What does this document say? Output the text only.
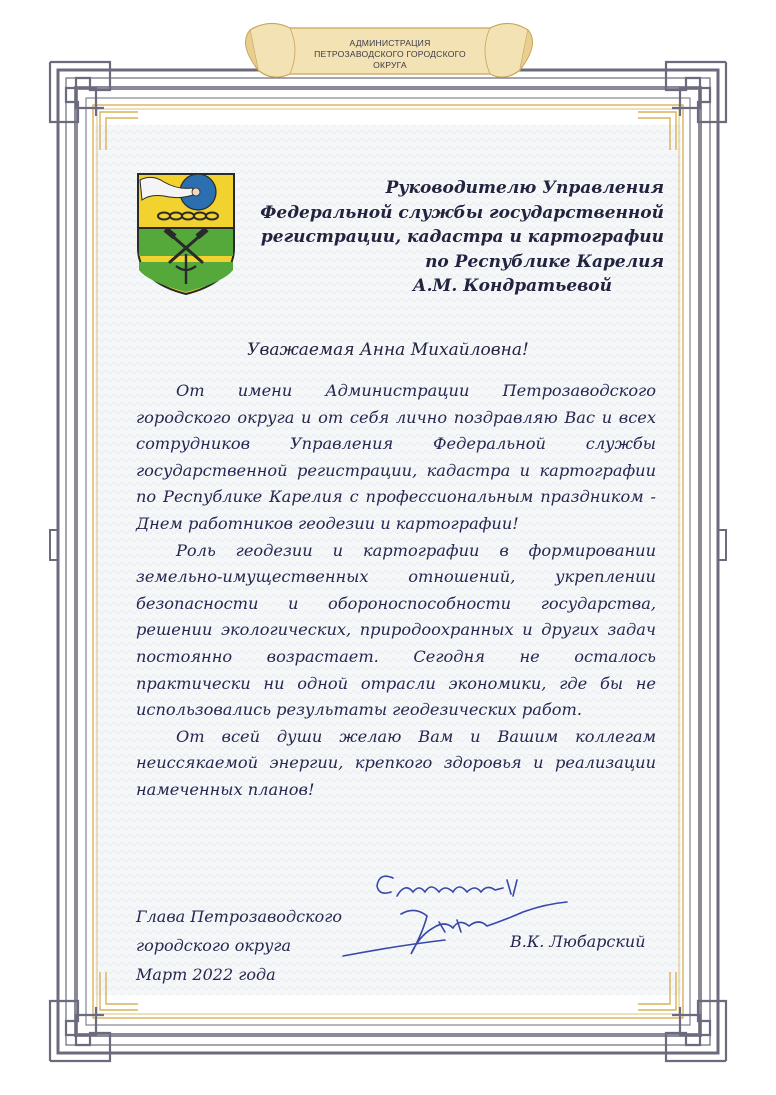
АДМИНИСТРАЦИЯ
ПЕТРОЗАВОДСКОГО ГОРОДСКОГО ОКРУГА
Руководителю Управления
Федеральной службы государственной
регистрации, кадастра и картографии
по Республике Карелия
А.М. Кондратьевой
Уважаемая Анна Михайловна!

От имени Администрации Петрозаводского городского округа и от себя лично поздравляю Вас и всех сотрудников Управления Федеральной службы государственной регистрации, кадастра и картографии по Республике Карелия с профессиональным праздником - Днем работников геодезии и картографии!

Роль геодезии и картографии в формировании земельно-имущественных отношений, укреплении безопасности и обороноспособности государства, решении экологических, природоохранных и других задач постоянно возрастает. Сегодня не осталось практически ни одной отрасли экономики, где бы не использовались результаты геодезических работ.

От всей души желаю Вам и Вашим коллегам неиссякаемой энергии, крепкого здоровья и реализации намеченных планов!

Глава Петрозаводского
городского округа
Март 2022 года
В.К. Любарский
